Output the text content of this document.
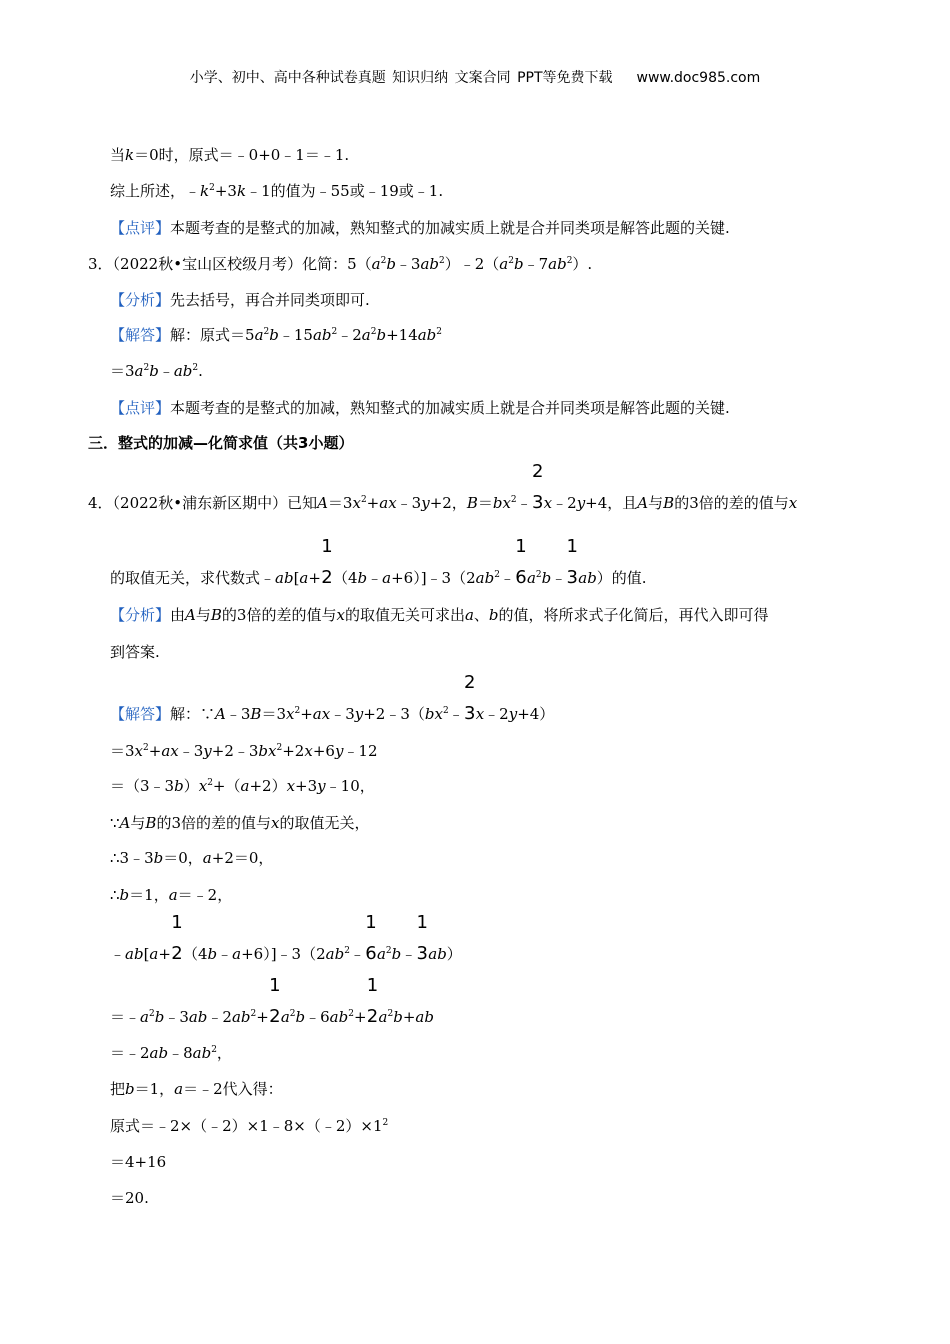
小学、初中、高中各种试卷真题 知识归纳 文案合同 PPT等免费下载 www.doc985.com
当k＝0时，原式＝﹣0+0﹣1＝﹣1.
综上所述，$﹣k^2+3k﹣1$的值为﹣55或﹣19或﹣1.
【点评】本题考查的是整式的加减，熟知整式的加减实质上就是合并同类项是解答此题的关键.
3．（2022秋•宝山区校级月考）化简：$5(a^2b﹣3ab^2)﹣2(a^2b﹣7ab^2)$.
【分析】先去括号，再合并同类项即可.
【解答】解：原式$=5a^2b﹣15ab^2﹣2a^2b+14ab^2$
$=3a^2b﹣ab^2$.
【点评】本题考查的是整式的加减，熟知整式的加减实质上就是合并同类项是解答此题的关键.
三．整式的加减—化简求值（共3小题）
4．（2022秋•浦东新区期中）已知$A=3x^2+ax﹣3y+2$，$B=bx^2﹣$
2
3 x﹣2y+4，且A与B的3倍的差的值与x
的取值无关，求代数式﹣ab[a+
1
2 $(4b﹣a+6)]﹣3(2ab^2﹣$
1
6 $a^2b﹣$
1
3 ab）的值.
【分析】由A与B的3倍的差的值与x的取值无关可求出a、b的值，将所求式子化简后，再代入即可得
到答案.
【解答】解：$\because A﹣3B=3x^2+ax﹣3y+2﹣3(bx^2﹣$
2
3 x﹣2y+4）
$=3x^2+ax﹣3y+2﹣3bx^2+2x+6y﹣12$
$=(3﹣3b)x^2+(a+2)x+3y﹣10$，
∵A与B的3倍的差的值与x的取值无关，
∴3﹣3b＝0，a+2＝0，
∴b＝1，a＝﹣2，
﹣ab[a+
1
2 $(4b﹣a+6)]﹣3(2ab^2﹣$
1
6 $a^2b﹣$
1
3 ab）
$=﹣a^2b﹣3ab﹣2ab^2+$
1
2 $a^2b﹣6ab^2+$
1
2 $a^2b+ab$
$=﹣2ab﹣8ab^2$，
把b＝1，a＝﹣2代入得：
原式$=﹣2\times(﹣2)\times 1﹣8\times(﹣2)\times 1^2$
＝4+16
＝20.
